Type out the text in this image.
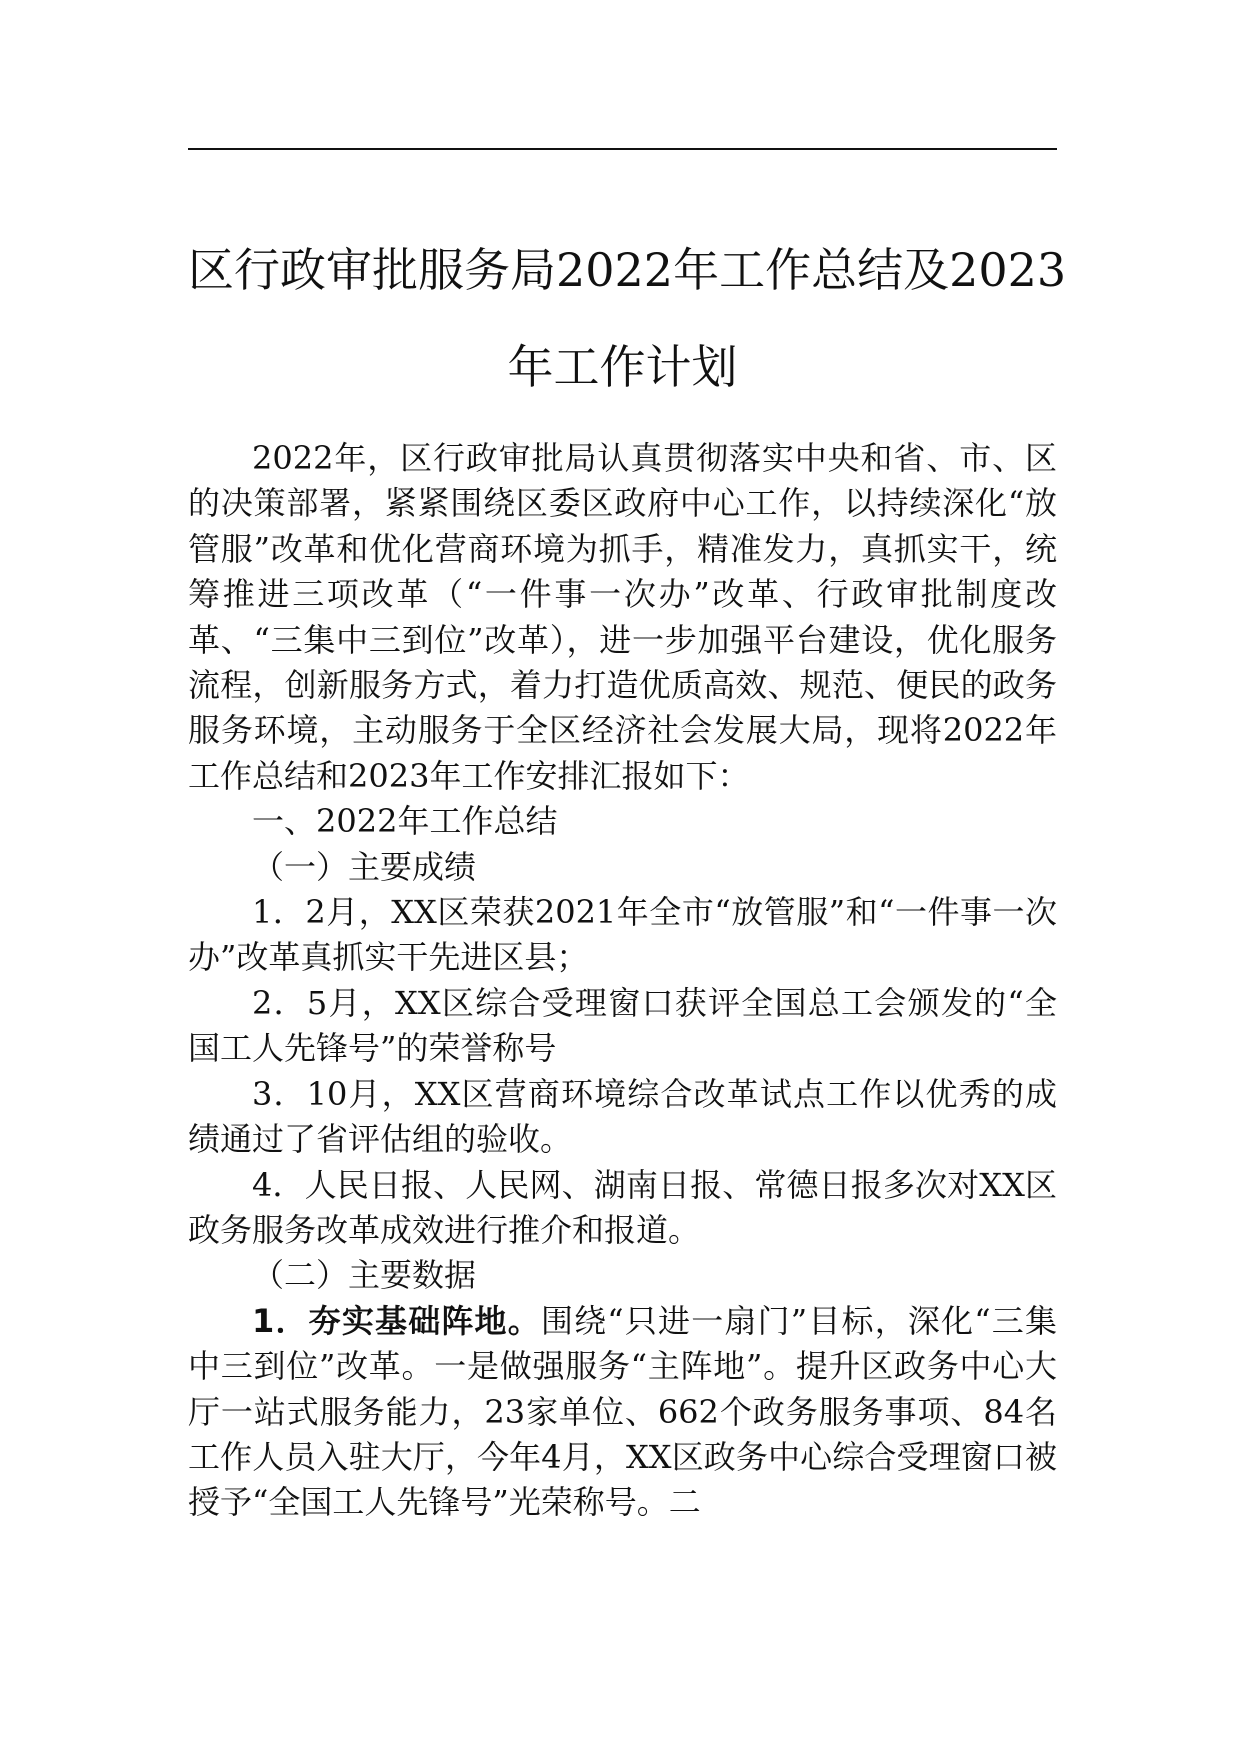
区行政审批服务局2022年工作总结及2023
年工作计划

2022年，区行政审批局认真贯彻落实中央和省、市、区的决策部署，紧紧围绕区委区政府中心工作，以持续深化“放管服”改革和优化营商环境为抓手，精准发力，真抓实干，统筹推进三项改革（“一件事一次办”改革、行政审批制度改革、“三集中三到位”改革），进一步加强平台建设，优化服务流程，创新服务方式，着力打造优质高效、规范、便民的政务服务环境，主动服务于全区经济社会发展大局，现将2022年工作总结和2023年工作安排汇报如下：

一、2022年工作总结

（一）主要成绩

1．2月，XX区荣获2021年全市“放管服”和“一件事一次办”改革真抓实干先进区县；

2．5月，XX区综合受理窗口获评全国总工会颁发的“全国工人先锋号”的荣誉称号

3．10月，XX区营商环境综合改革试点工作以优秀的成绩通过了省评估组的验收。

4．人民日报、人民网、湖南日报、常德日报多次对XX区政务服务改革成效进行推介和报道。

（二）主要数据

1．夯实基础阵地。围绕“只进一扇门”目标，深化“三集中三到位”改革。一是做强服务“主阵地”。提升区政务中心大厅一站式服务能力，23家单位、662个政务服务事项、84名工作人员入驻大厅，今年4月，XX区政务中心综合受理窗口被授予“全国工人先锋号”光荣称号。二
